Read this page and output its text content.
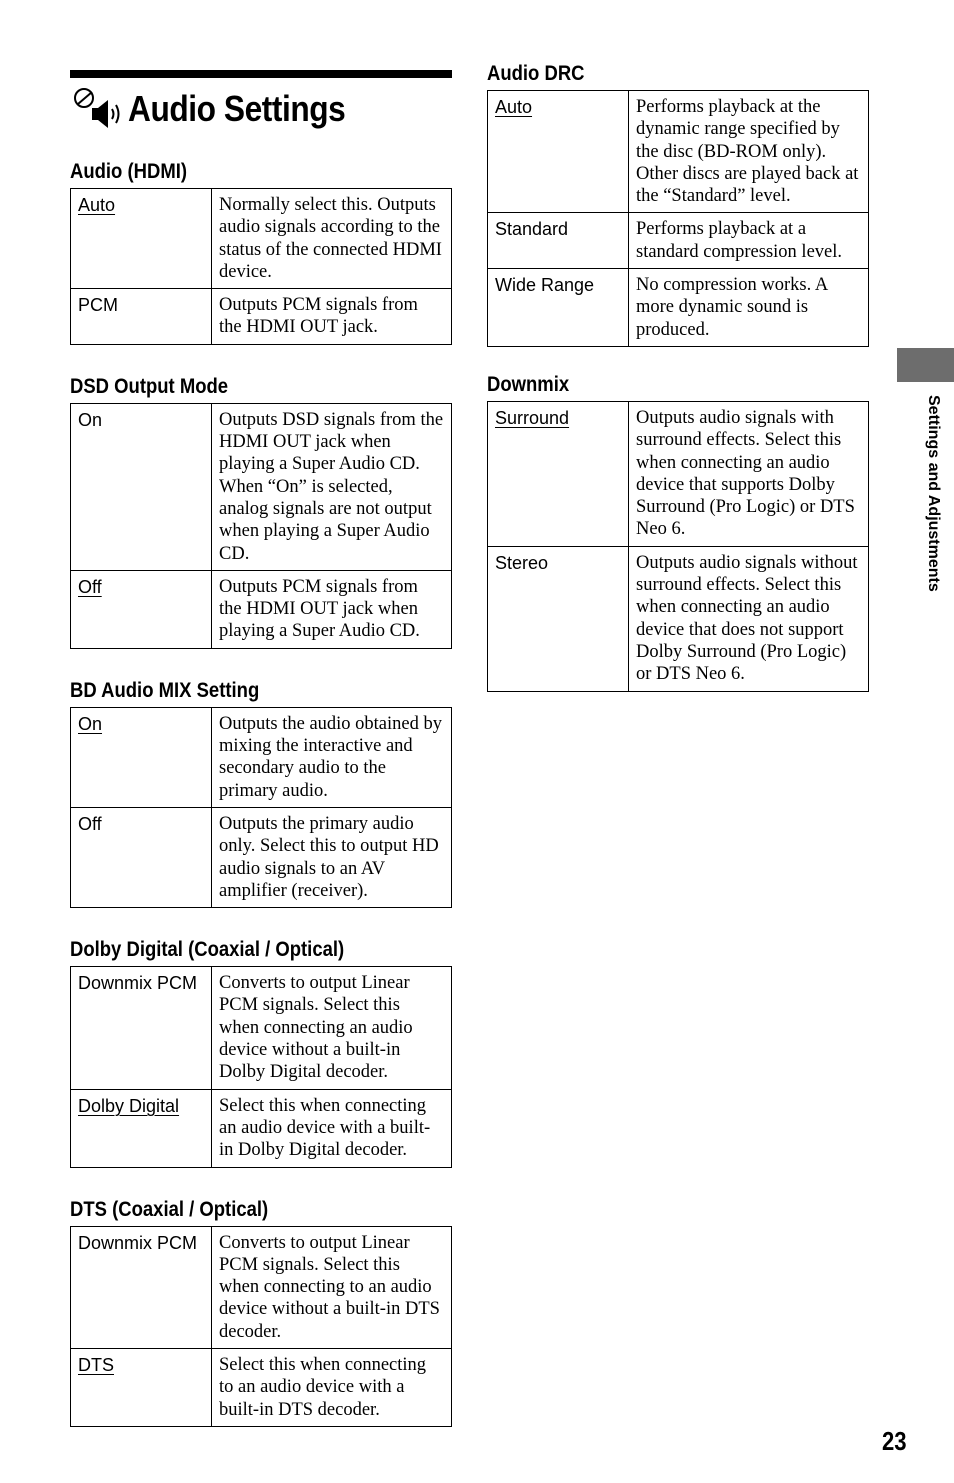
Audio Settings
Audio (HDMI)
Auto	Normally select this. Outputs audio signals according to the status of the connected HDMI device.
PCM	Outputs PCM signals from the HDMI OUT jack.
DSD Output Mode
On	Outputs DSD signals from the HDMI OUT jack when playing a Super Audio CD. When “On” is selected, analog signals are not output when playing a Super Audio CD.
Off	Outputs PCM signals from the HDMI OUT jack when playing a Super Audio CD.
BD Audio MIX Setting
On	Outputs the audio obtained by mixing the interactive and secondary audio to the primary audio.
Off	Outputs the primary audio only. Select this to output HD audio signals to an AV amplifier (receiver).
Dolby Digital (Coaxial / Optical)
Downmix PCM	Converts to output Linear PCM signals. Select this when connecting an audio device without a built-in Dolby Digital decoder.
Dolby Digital	Select this when connecting an audio device with a built-in Dolby Digital decoder.
DTS (Coaxial / Optical)
Downmix PCM	Converts to output Linear PCM signals. Select this when connecting to an audio device without a built-in DTS decoder.
DTS	Select this when connecting to an audio device with a built-in DTS decoder.
Audio DRC
Auto	Performs playback at the dynamic range specified by the disc (BD-ROM only). Other discs are played back at the “Standard” level.
Standard	Performs playback at a standard compression level.
Wide Range	No compression works. A more dynamic sound is produced.
Downmix
Surround	Outputs audio signals with surround effects. Select this when connecting an audio device that supports Dolby Surround (Pro Logic) or DTS Neo 6.
Stereo	Outputs audio signals without surround effects. Select this when connecting an audio device that does not support Dolby Surround (Pro Logic) or DTS Neo 6.
Settings and Adjustments
23
